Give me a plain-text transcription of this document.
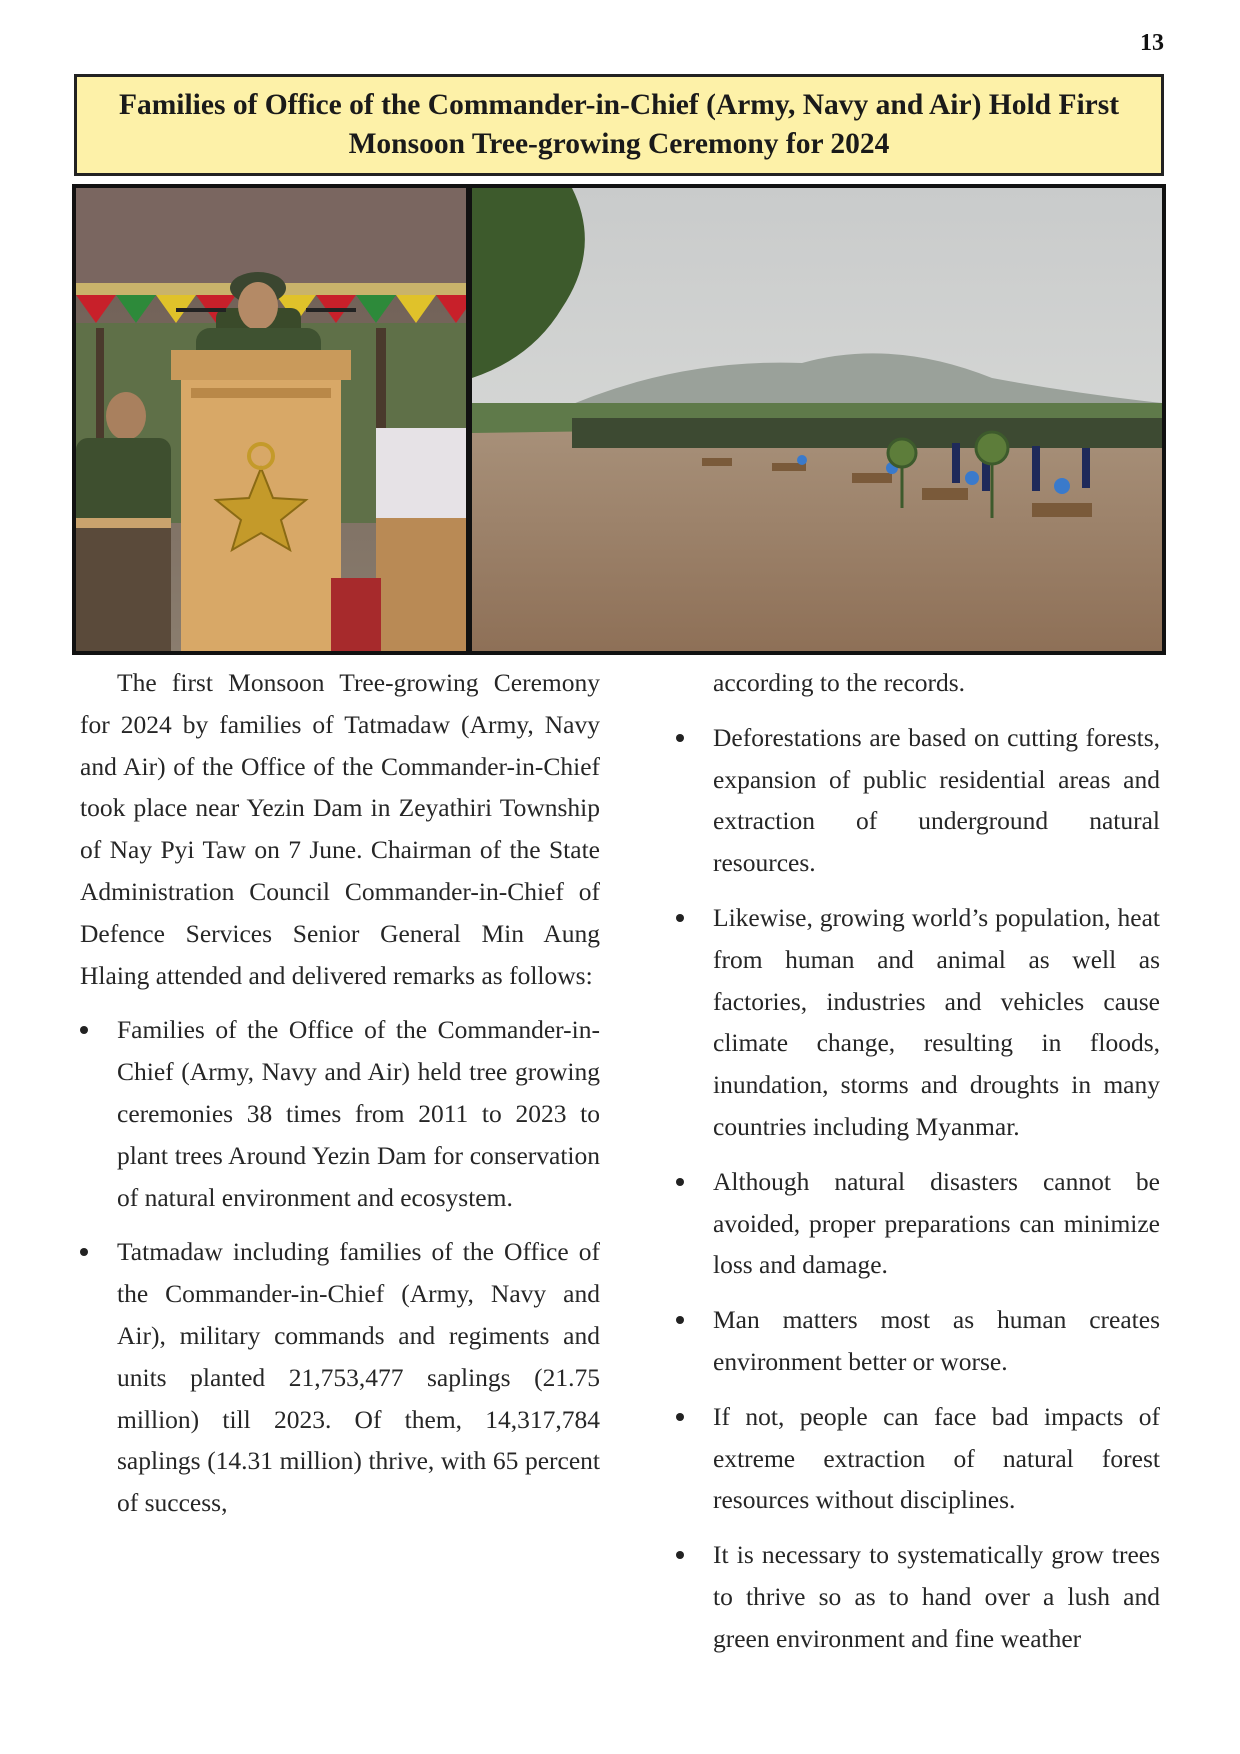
13
Families of Office of the Commander-in-Chief (Army, Navy and Air) Hold First Monsoon Tree-growing Ceremony for 2024

The first Monsoon Tree-growing Ceremony for 2024 by families of Tatmadaw (Army, Navy and Air) of the Office of the Commander-in-Chief took place near Yezin Dam in Zeyathiri Township of Nay Pyi Taw on 7 June. Chairman of the State Administration Council Commander-in-Chief of Defence Services Senior General Min Aung Hlaing attended and delivered remarks as follows:

Families of the Office of the Commander-in-Chief (Army, Navy and Air) held tree growing ceremonies 38 times from 2011 to 2023 to plant trees Around Yezin Dam for conservation of natural environment and ecosystem.
Tatmadaw including families of the Office of the Commander-in-Chief (Army, Navy and Air), military commands and regiments and units planted 21,753,477 saplings (21.75 million) till 2023. Of them, 14,317,784 saplings (14.31 million) thrive, with 65 percent of success,

according to the records.

Deforestations are based on cutting forests, expansion of public residential areas and extraction of underground natural resources.
Likewise, growing world’s population, heat from human and animal as well as factories, industries and vehicles cause climate change, resulting in floods, inundation, storms and droughts in many countries including Myanmar.
Although natural disasters cannot be avoided, proper preparations can minimize loss and damage.
Man matters most as human creates environment better or worse.
If not, people can face bad impacts of extreme extraction of natural forest resources without disciplines.
It is necessary to systematically grow trees to thrive so as to hand over a lush and green environment and fine weather
